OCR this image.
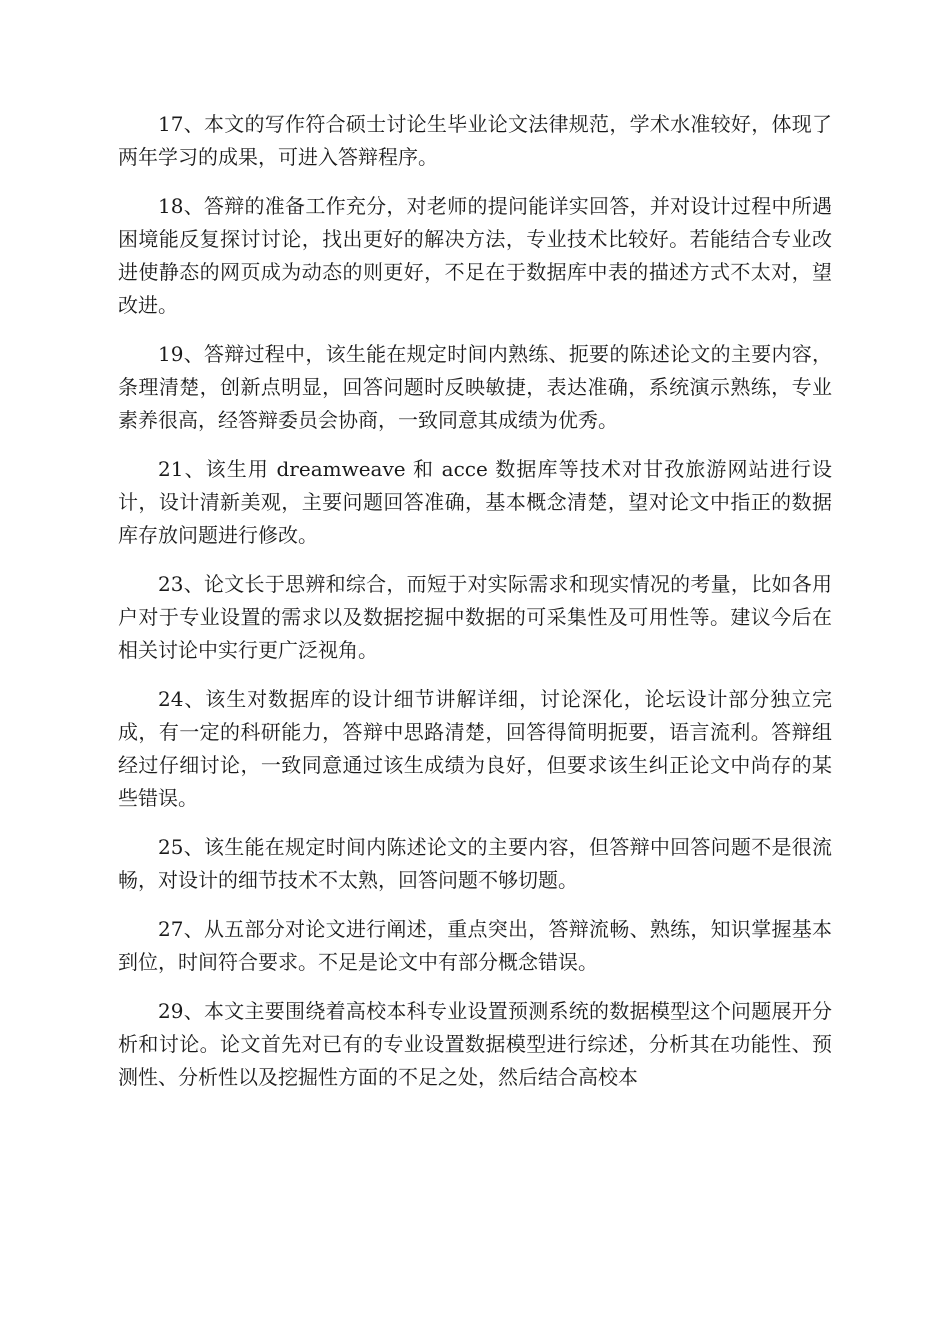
17、本文的写作符合硕士讨论生毕业论文法律规范，学术水准较好，体现了两年学习的成果，可进入答辩程序。

18、答辩的准备工作充分，对老师的提问能详实回答，并对设计过程中所遇困境能反复探讨讨论，找出更好的解决方法，专业技术比较好。若能结合专业改进使静态的网页成为动态的则更好，不足在于数据库中表的描述方式不太对，望改进。

19、答辩过程中，该生能在规定时间内熟练、扼要的陈述论文的主要内容，条理清楚，创新点明显，回答问题时反映敏捷，表达准确，系统演示熟练，专业素养很高，经答辩委员会协商，一致同意其成绩为优秀。

21、该生用 dreamweave 和 acce 数据库等技术对甘孜旅游网站进行设计，设计清新美观，主要问题回答准确，基本概念清楚，望对论文中指正的数据库存放问题进行修改。

23、论文长于思辨和综合，而短于对实际需求和现实情况的考量，比如各用户对于专业设置的需求以及数据挖掘中数据的可采集性及可用性等。建议今后在相关讨论中实行更广泛视角。

24、该生对数据库的设计细节讲解详细，讨论深化，论坛设计部分独立完成，有一定的科研能力，答辩中思路清楚，回答得简明扼要，语言流利。答辩组经过仔细讨论，一致同意通过该生成绩为良好，但要求该生纠正论文中尚存的某些错误。

25、该生能在规定时间内陈述论文的主要内容，但答辩中回答问题不是很流畅，对设计的细节技术不太熟，回答问题不够切题。

27、从五部分对论文进行阐述，重点突出，答辩流畅、熟练，知识掌握基本到位，时间符合要求。不足是论文中有部分概念错误。

29、本文主要围绕着高校本科专业设置预测系统的数据模型这个问题展开分析和讨论。论文首先对已有的专业设置数据模型进行综述，分析其在功能性、预测性、分析性以及挖掘性方面的不足之处，然后结合高校本
